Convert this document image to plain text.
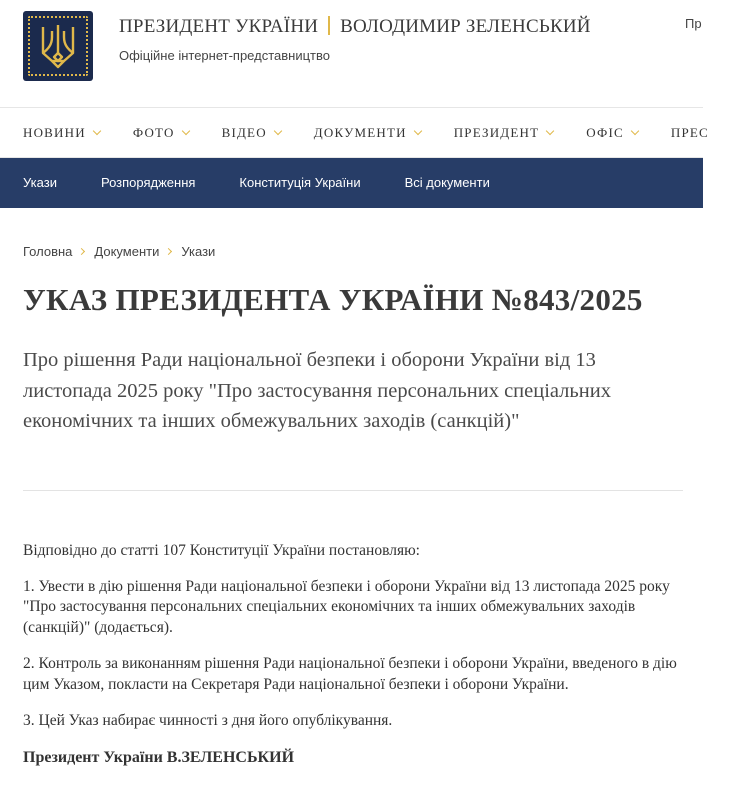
ПРЕЗИДЕНТ УКРАЇНИ ВОЛОДИМИР ЗЕЛЕНСЬКИЙ
Офіційне інтернет-представництво
Пр
НОВИНИ	ФОТО	ВІДЕО	ДОКУМЕНТИ	ПРЕЗИДЕНТ	ОФІС	ПРЕС
Укази	Розпорядження	Конституція України	Всі документи
Головна Документи Укази
УКАЗ ПРЕЗИДЕНТА УКРАЇНИ №843/2025
Про рішення Ради національної безпеки і оборони України від 13 листопада 2025 року "Про застосування персональних спеціальних економічних та інших обмежувальних заходів (санкцій)"

Відповідно до статті 107 Конституції України постановляю:

1. Увести в дію рішення Ради національної безпеки і оборони України від 13 листопада 2025 року "Про застосування персональних спеціальних економічних та інших обмежувальних заходів (санкцій)" (додається).

2. Контроль за виконанням рішення Ради національної безпеки і оборони України, введеного в дію цим Указом, покласти на Секретаря Ради національної безпеки і оборони України.

3. Цей Указ набирає чинності з дня його опублікування.

Президент України В.ЗЕЛЕНСЬКИЙ
